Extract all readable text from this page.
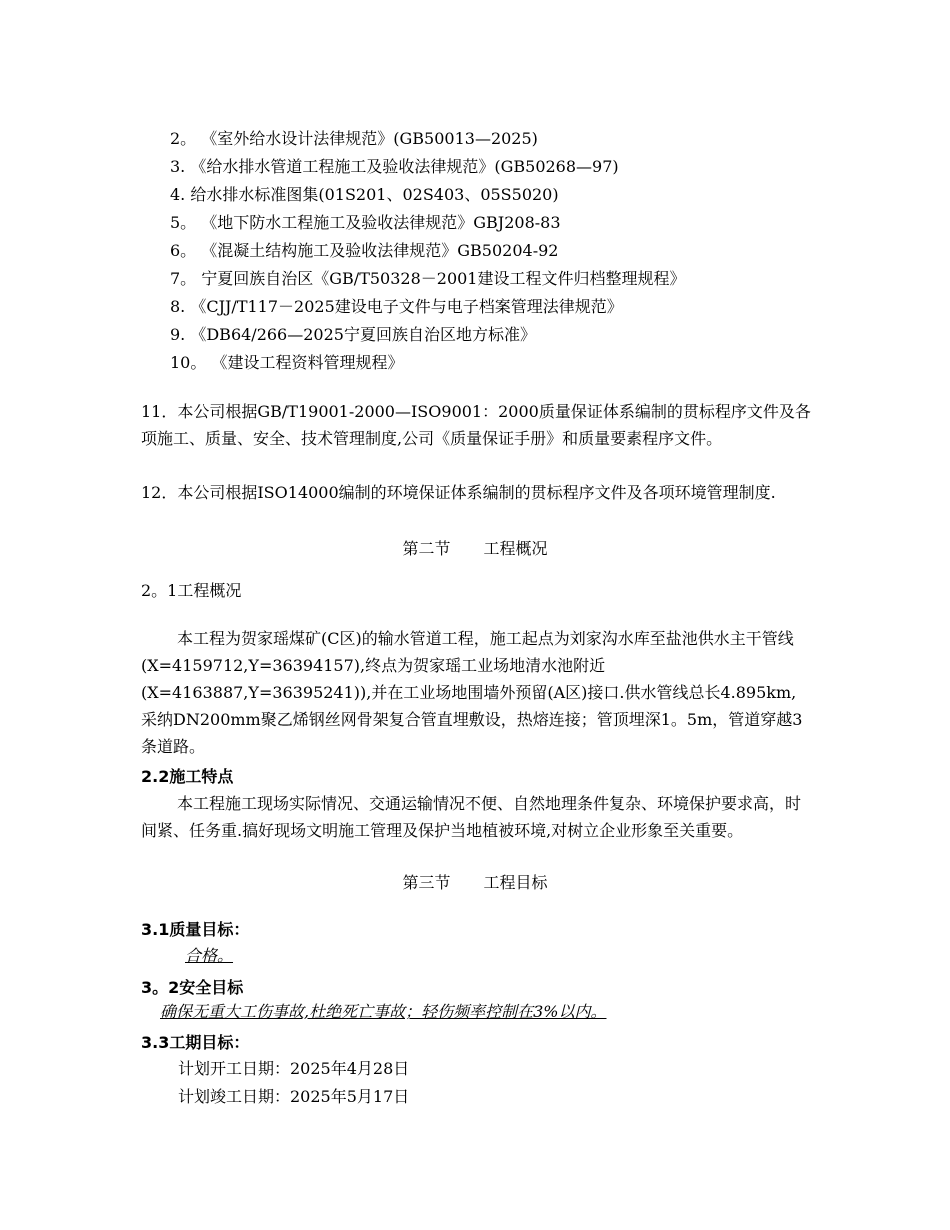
2。 《室外给水设计法律规范》(GB50013—2025)
3. 《给水排水管道工程施工及验收法律规范》(GB50268—97)
4. 给水排水标准图集(01S201、02S403、05S5020)
5。 《地下防水工程施工及验收法律规范》GBJ208-83
6。 《混凝土结构施工及验收法律规范》GB50204-92
7。 宁夏回族自治区《GB/T50328－2001建设工程文件归档整理规程》
8. 《CJJ/T117－2025建设电子文件与电子档案管理法律规范》
9. 《DB64/266—2025宁夏回族自治区地方标准》
10。 《建设工程资料管理规程》
11．本公司根据GB/T19001-2000—ISO9001：2000质量保证体系编制的贯标程序文件及各项施工、质量、安全、技术管理制度,公司《质量保证手册》和质量要素程序文件。
12．本公司根据ISO14000编制的环境保证体系编制的贯标程序文件及各项环境管理制度.
第二节 工程概况
2。1工程概况
本工程为贺家瑶煤矿(C区)的输水管道工程，施工起点为刘家沟水库至盐池供水主干管线(X=4159712,Y=36394157),终点为贺家瑶工业场地清水池附近(X=4163887,Y=36395241)),并在工业场地围墙外预留(A区)接口.供水管线总长4.895km,采纳DN200mm聚乙烯钢丝网骨架复合管直埋敷设，热熔连接；管顶埋深1。5m，管道穿越3条道路。
2.2施工特点
本工程施工现场实际情况、交通运输情况不便、自然地理条件复杂、环境保护要求高，时间紧、任务重.搞好现场文明施工管理及保护当地植被环境,对树立企业形象至关重要。
第三节 工程目标
3.1质量目标：
合格。
3。2安全目标
确保无重大工伤事故,杜绝死亡事故；轻伤频率控制在3%以内。
3.3工期目标：
计划开工日期：2025年4月28日
计划竣工日期：2025年5月17日
